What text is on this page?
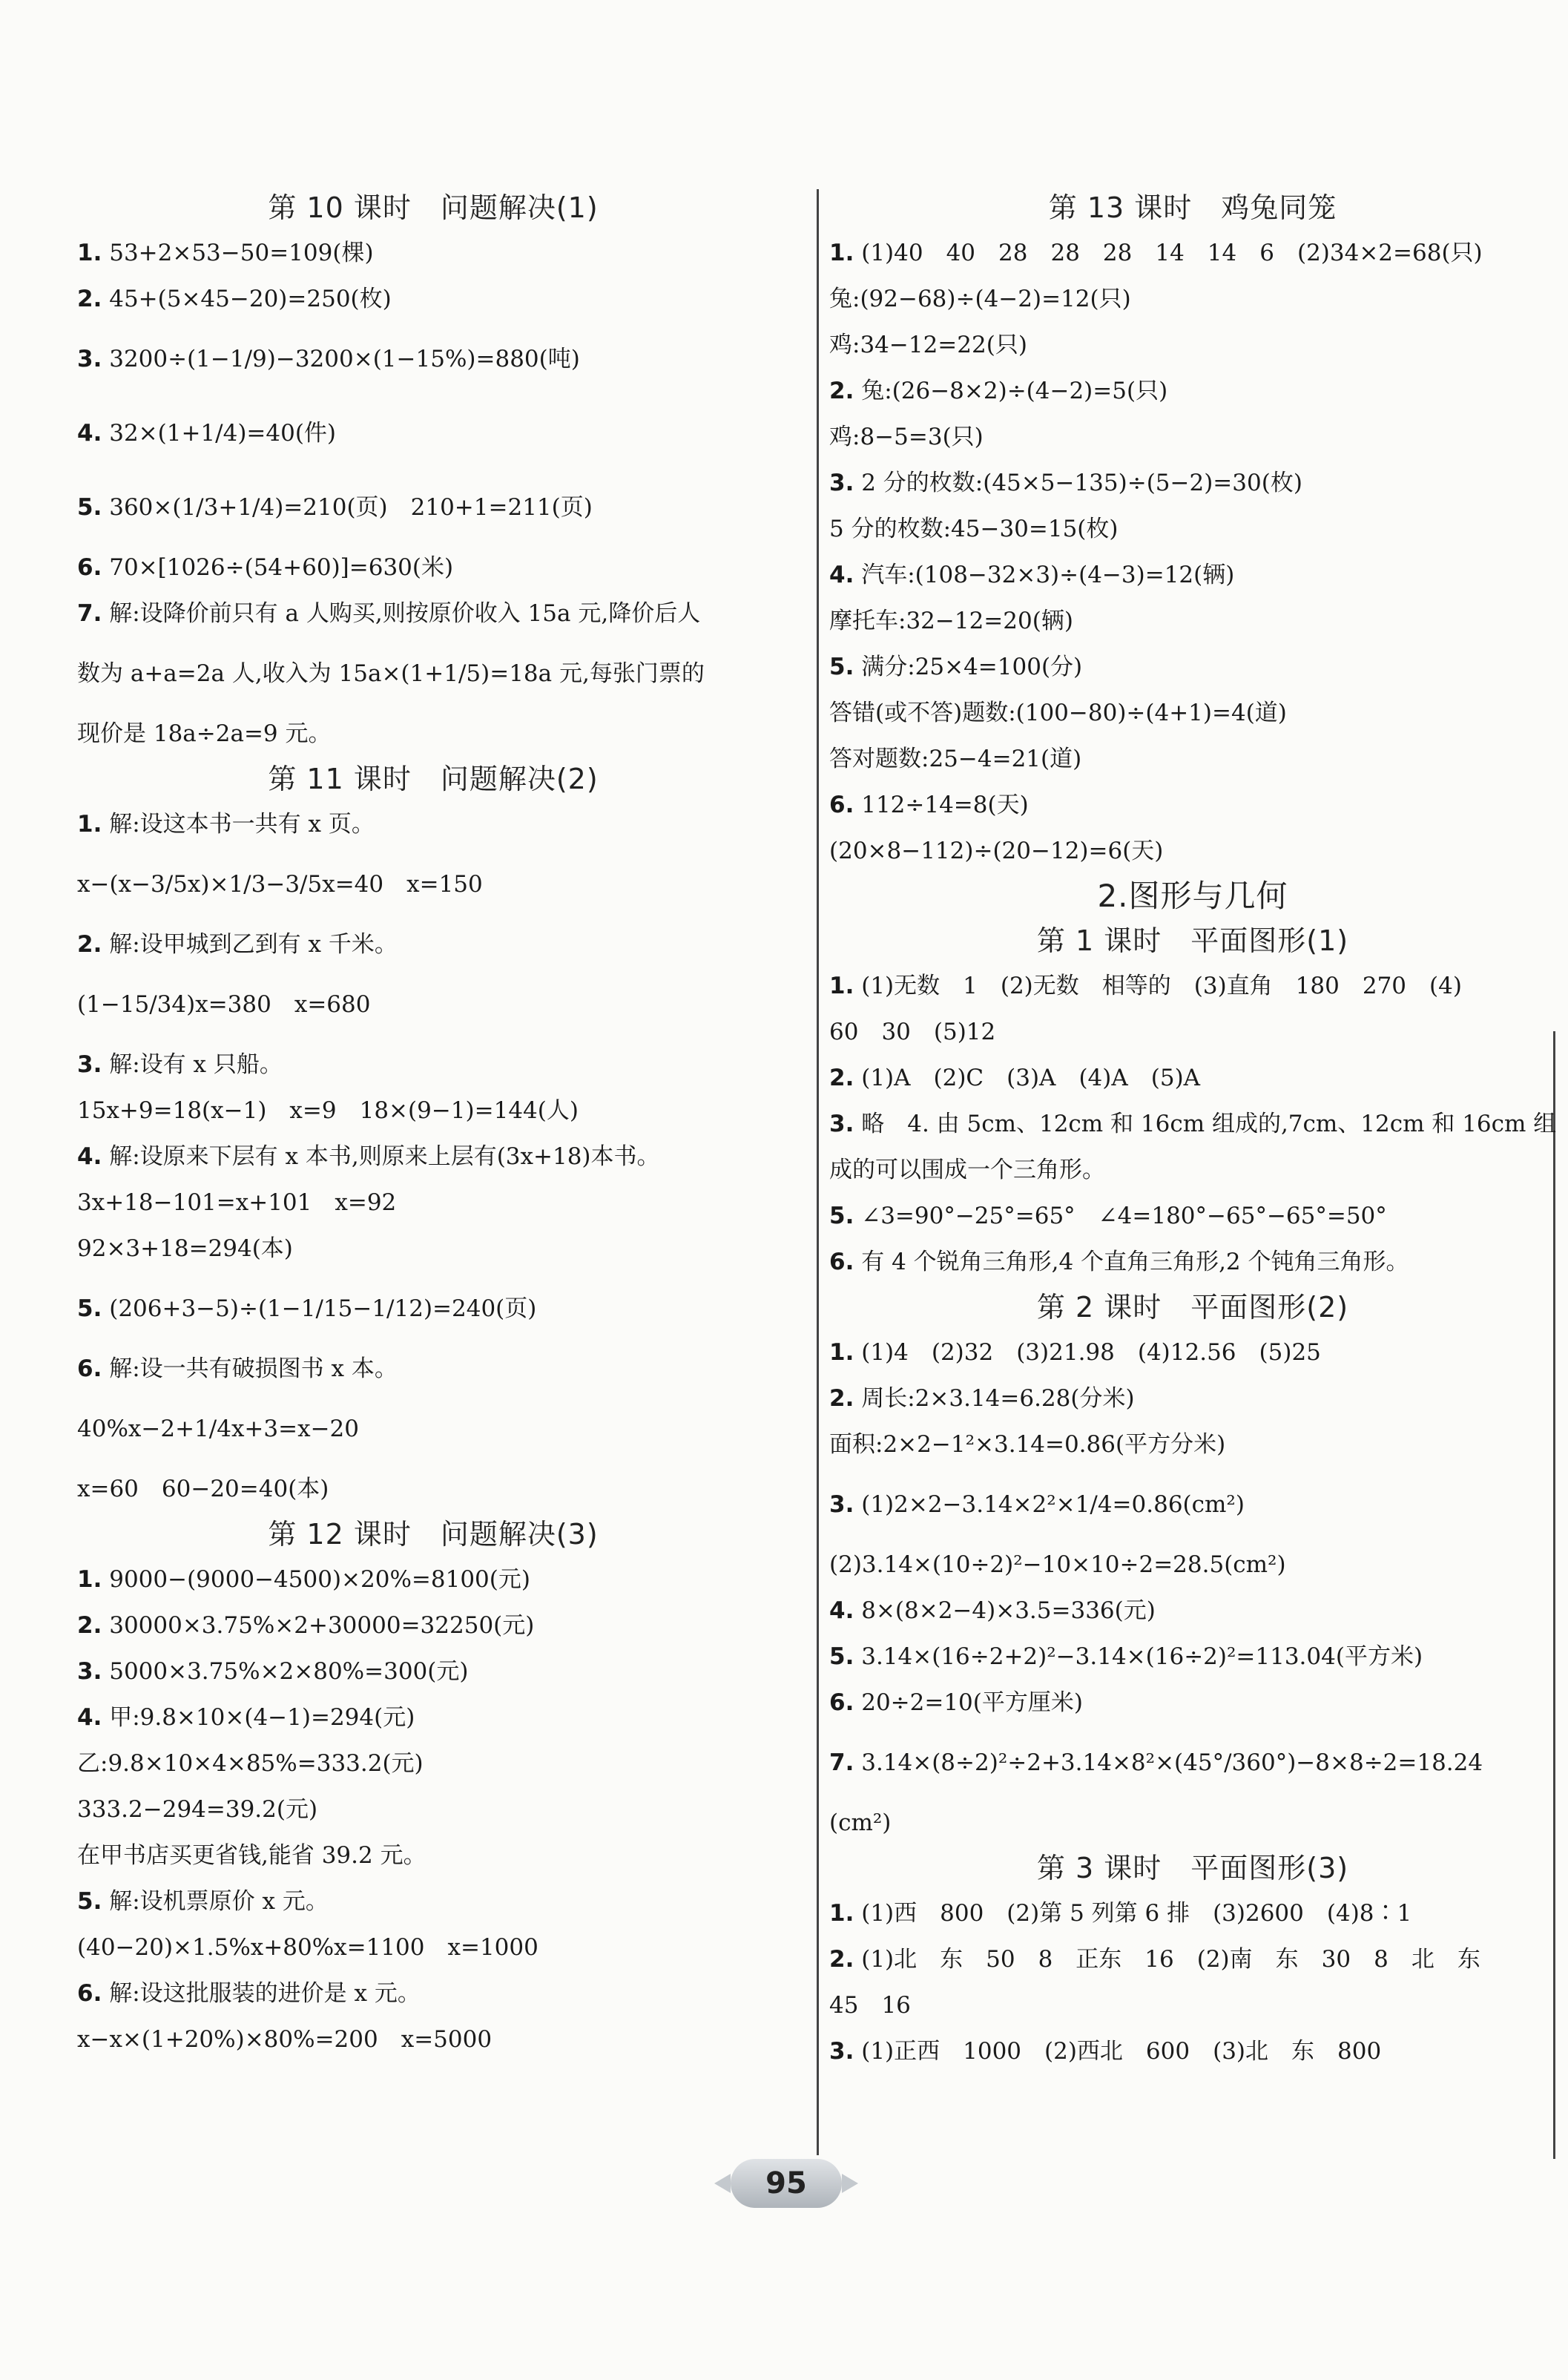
第 10 课时　问题解决(1)
1. 53+2×53−50=109(棵)
2. 45+(5×45−20)=250(枚)
3. 3200÷(1−1/9)−3200×(1−15%)=880(吨)
4. 32×(1+1/4)=40(件)
5. 360×(1/3+1/4)=210(页)　210+1=211(页)
6. 70×[1026÷(54+60)]=630(米)
7. 解:设降价前只有 a 人购买,则按原价收入 15a 元,降价后人
数为 a+a=2a 人,收入为 15a×(1+1/5)=18a 元,每张门票的
现价是 18a÷2a=9 元。
第 11 课时　问题解决(2)
1. 解:设这本书一共有 x 页。
x−(x−3/5x)×1/3−3/5x=40　x=150
2. 解:设甲城到乙到有 x 千米。
(1−15/34)x=380　x=680
3. 解:设有 x 只船。
15x+9=18(x−1)　x=9　18×(9−1)=144(人)
4. 解:设原来下层有 x 本书,则原来上层有(3x+18)本书。
3x+18−101=x+101　x=92
92×3+18=294(本)
5. (206+3−5)÷(1−1/15−1/12)=240(页)
6. 解:设一共有破损图书 x 本。
40%x−2+1/4x+3=x−20
x=60　60−20=40(本)
第 12 课时　问题解决(3)
1. 9000−(9000−4500)×20%=8100(元)
2. 30000×3.75%×2+30000=32250(元)
3. 5000×3.75%×2×80%=300(元)
4. 甲:9.8×10×(4−1)=294(元)
乙:9.8×10×4×85%=333.2(元)
333.2−294=39.2(元)
在甲书店买更省钱,能省 39.2 元。
5. 解:设机票原价 x 元。
(40−20)×1.5%x+80%x=1100　x=1000
6. 解:设这批服装的进价是 x 元。
x−x×(1+20%)×80%=200　x=5000
第 13 课时　鸡兔同笼
1. (1)40　40　28　28　28　14　14　6　(2)34×2=68(只)
兔:(92−68)÷(4−2)=12(只)
鸡:34−12=22(只)
2. 兔:(26−8×2)÷(4−2)=5(只)
鸡:8−5=3(只)
3. 2 分的枚数:(45×5−135)÷(5−2)=30(枚)
5 分的枚数:45−30=15(枚)
4. 汽车:(108−32×3)÷(4−3)=12(辆)
摩托车:32−12=20(辆)
5. 满分:25×4=100(分)
答错(或不答)题数:(100−80)÷(4+1)=4(道)
答对题数:25−4=21(道)
6. 112÷14=8(天)
(20×8−112)÷(20−12)=6(天)
2.图形与几何
第 1 课时　平面图形(1)
1. (1)无数　1　(2)无数　相等的　(3)直角　180　270　(4)
60　30　(5)12
2. (1)A　(2)C　(3)A　(4)A　(5)A
3. 略　4. 由 5cm、12cm 和 16cm 组成的,7cm、12cm 和 16cm 组
成的可以围成一个三角形。
5. ∠3=90°−25°=65°　∠4=180°−65°−65°=50°
6. 有 4 个锐角三角形,4 个直角三角形,2 个钝角三角形。
第 2 课时　平面图形(2)
1. (1)4　(2)32　(3)21.98　(4)12.56　(5)25
2. 周长:2×3.14=6.28(分米)
面积:2×2−1²×3.14=0.86(平方分米)
3. (1)2×2−3.14×2²×1/4=0.86(cm²)
(2)3.14×(10÷2)²−10×10÷2=28.5(cm²)
4. 8×(8×2−4)×3.5=336(元)
5. 3.14×(16÷2+2)²−3.14×(16÷2)²=113.04(平方米)
6. 20÷2=10(平方厘米)
7. 3.14×(8÷2)²÷2+3.14×8²×(45°/360°)−8×8÷2=18.24
(cm²)
第 3 课时　平面图形(3)
1. (1)西　800　(2)第 5 列第 6 排　(3)2600　(4)8∶1
2. (1)北　东　50　8　正东　16　(2)南　东　30　8　北　东
45　16
3. (1)正西　1000　(2)西北　600　(3)北　东　800
95
